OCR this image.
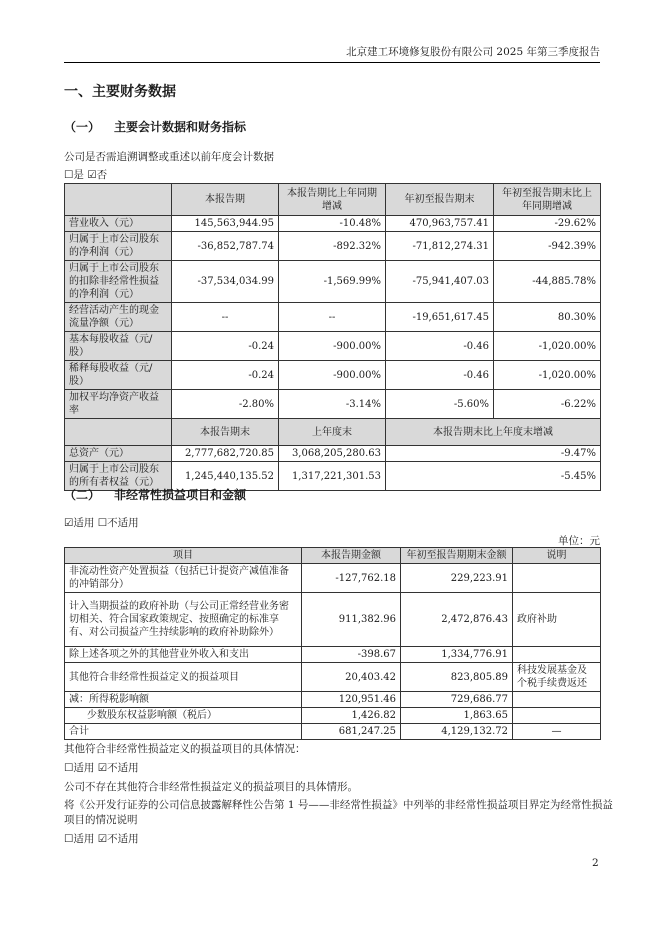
北京建工环境修复股份有限公司 2025 年第三季度报告
一、主要财务数据
（一） 主要会计数据和财务指标
公司是否需追溯调整或重述以前年度会计数据
☐是 ☑否
	本报告期	本报告期比上年同期增减	年初至报告期末	年初至报告期末比上年同期增减
营业收入（元）	145,563,944.95	-10.48%	470,963,757.41	-29.62%
归属于上市公司股东的净利润（元）	-36,852,787.74	-892.32%	-71,812,274.31	-942.39%
归属于上市公司股东的扣除非经常性损益的净利润（元）	-37,534,034.99	-1,569.99%	-75,941,407.03	-44,885.78%
经营活动产生的现金流量净额（元）	--	--	-19,651,617.45	80.30%
基本每股收益（元/股）	-0.24	-900.00%	-0.46	-1,020.00%
稀释每股收益（元/股）	-0.24	-900.00%	-0.46	-1,020.00%
加权平均净资产收益率	-2.80%	-3.14%	-5.60%	-6.22%
	本报告期末	上年度末	本报告期末比上年度末增减	
总资产（元）	2,777,682,720.85	3,068,205,280.63	-9.47%	
归属于上市公司股东的所有者权益（元）	1,245,440,135.52	1,317,221,301.53	-5.45%	
（二） 非经常性损益项目和金额
☑适用 ☐不适用
单位：元
项目	本报告期金额	年初至报告期期末金额	说明
非流动性资产处置损益（包括已计提资产减值准备的冲销部分）	-127,762.18	229,223.91	
计入当期损益的政府补助（与公司正常经营业务密切相关、符合国家政策规定、按照确定的标准享有、对公司损益产生持续影响的政府补助除外）	911,382.96	2,472,876.43	政府补助
除上述各项之外的其他营业外收入和支出	-398.67	1,334,776.91	
其他符合非经常性损益定义的损益项目	20,403.42	823,805.89	科技发展基金及个税手续费返还
减：所得税影响额	120,951.46	729,686.77	
少数股东权益影响额（税后）	1,426.82	1,863.65	
合计	681,247.25	4,129,132.72	—
其他符合非经常性损益定义的损益项目的具体情况：
☐适用 ☑不适用
公司不存在其他符合非经常性损益定义的损益项目的具体情形。
将《公开发行证券的公司信息披露解释性公告第 1 号——非经常性损益》中列举的非经常性损益项目界定为经常性损益
项目的情况说明
☐适用 ☑不适用
2
